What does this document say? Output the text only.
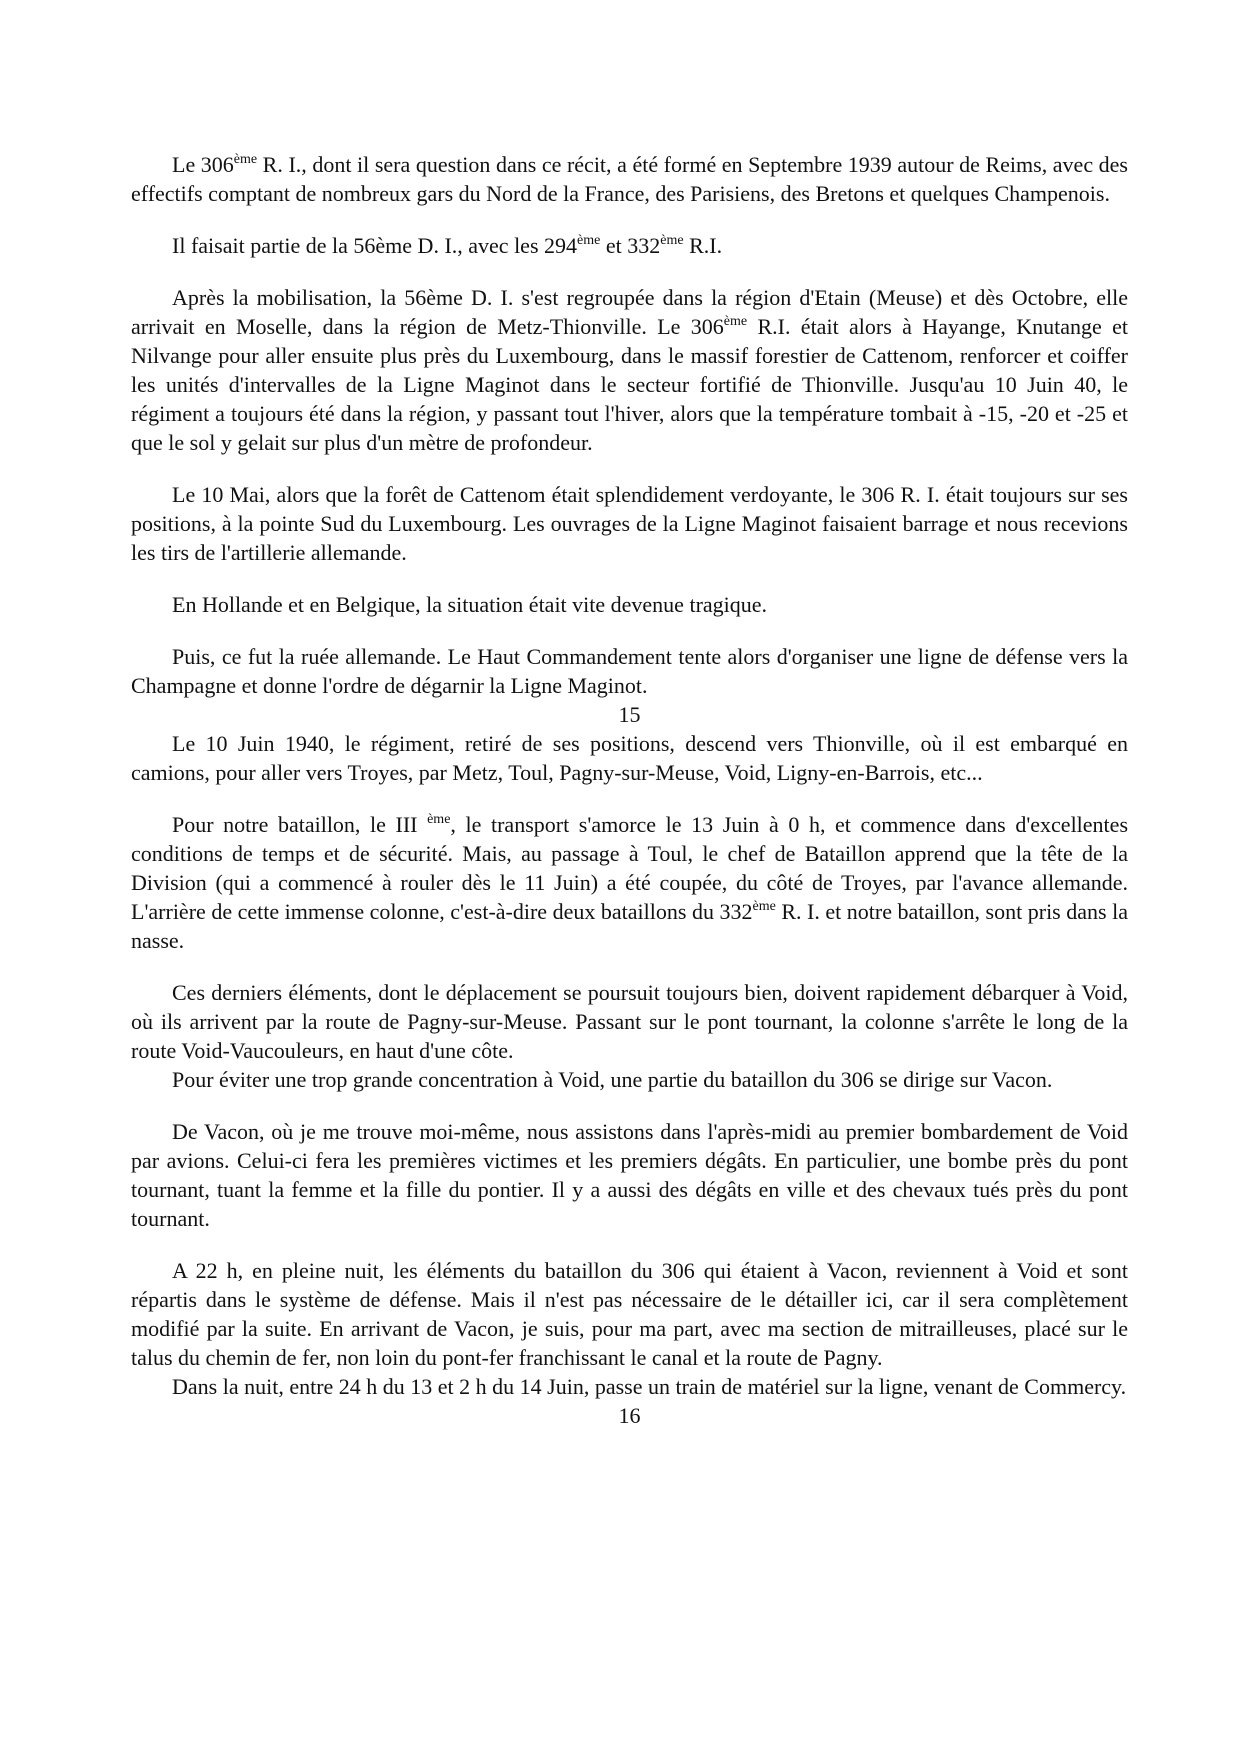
Le 306ème R. I., dont il sera question dans ce récit, a été formé en Septembre 1939 autour de Reims, avec des effectifs comptant de nombreux gars du Nord de la France, des Parisiens, des Bretons et quelques Champenois.

Il faisait partie de la 56ème D. I., avec les 294ème et 332ème R.I.

Après la mobilisation, la 56ème D. I. s'est regroupée dans la région d'Etain (Meuse) et dès Octobre, elle arrivait en Moselle, dans la région de Metz-Thionville. Le 306ème R.I. était alors à Hayange, Knutange et Nilvange pour aller ensuite plus près du Luxembourg, dans le massif forestier de Cattenom, renforcer et coiffer les unités d'intervalles de la Ligne Maginot dans le secteur fortifié de Thionville. Jusqu'au 10 Juin 40, le régiment a toujours été dans la région, y passant tout l'hiver, alors que la température tombait à -15, -20 et -25 et que le sol y gelait sur plus d'un mètre de profondeur.

Le 10 Mai, alors que la forêt de Cattenom était splendidement verdoyante, le 306 R. I. était toujours sur ses positions, à la pointe Sud du Luxembourg. Les ouvrages de la Ligne Maginot faisaient barrage et nous recevions les tirs de l'artillerie allemande.

En Hollande et en Belgique, la situation était vite devenue tragique.

Puis, ce fut la ruée allemande. Le Haut Commandement tente alors d'organiser une ligne de défense vers la Champagne et donne l'ordre de dégarnir la Ligne Maginot.

15

Le 10 Juin 1940, le régiment, retiré de ses positions, descend vers Thionville, où il est embarqué en camions, pour aller vers Troyes, par Metz, Toul, Pagny-sur-Meuse, Void, Ligny-en-Barrois, etc...

Pour notre bataillon, le III $^{ème}$, le transport s'amorce le 13 Juin à 0 h, et commence dans d'excellentes conditions de temps et de sécurité. Mais, au passage à Toul, le chef de Bataillon apprend que la tête de la Division (qui a commencé à rouler dès le 11 Juin) a été coupée, du côté de Troyes, par l'avance allemande. L'arrière de cette immense colonne, c'est-à-dire deux bataillons du 332ème R. I. et notre bataillon, sont pris dans la nasse.

Ces derniers éléments, dont le déplacement se poursuit toujours bien, doivent rapidement débarquer à Void, où ils arrivent par la route de Pagny-sur-Meuse. Passant sur le pont tournant, la colonne s'arrête le long de la route Void-Vaucouleurs, en haut d'une côte.

Pour éviter une trop grande concentration à Void, une partie du bataillon du 306 se dirige sur Vacon.

De Vacon, où je me trouve moi-même, nous assistons dans l'après-midi au premier bombardement de Void par avions. Celui-ci fera les premières victimes et les premiers dégâts. En particulier, une bombe près du pont tournant, tuant la femme et la fille du pontier. Il y a aussi des dégâts en ville et des chevaux tués près du pont tournant.

A 22 h, en pleine nuit, les éléments du bataillon du 306 qui étaient à Vacon, reviennent à Void et sont répartis dans le système de défense. Mais il n'est pas nécessaire de le détailler ici, car il sera complètement modifié par la suite. En arrivant de Vacon, je suis, pour ma part, avec ma section de mitrailleuses, placé sur le talus du chemin de fer, non loin du pont-fer franchissant le canal et la route de Pagny.

Dans la nuit, entre 24 h du 13 et 2 h du 14 Juin, passe un train de matériel sur la ligne, venant de Commercy.

16
